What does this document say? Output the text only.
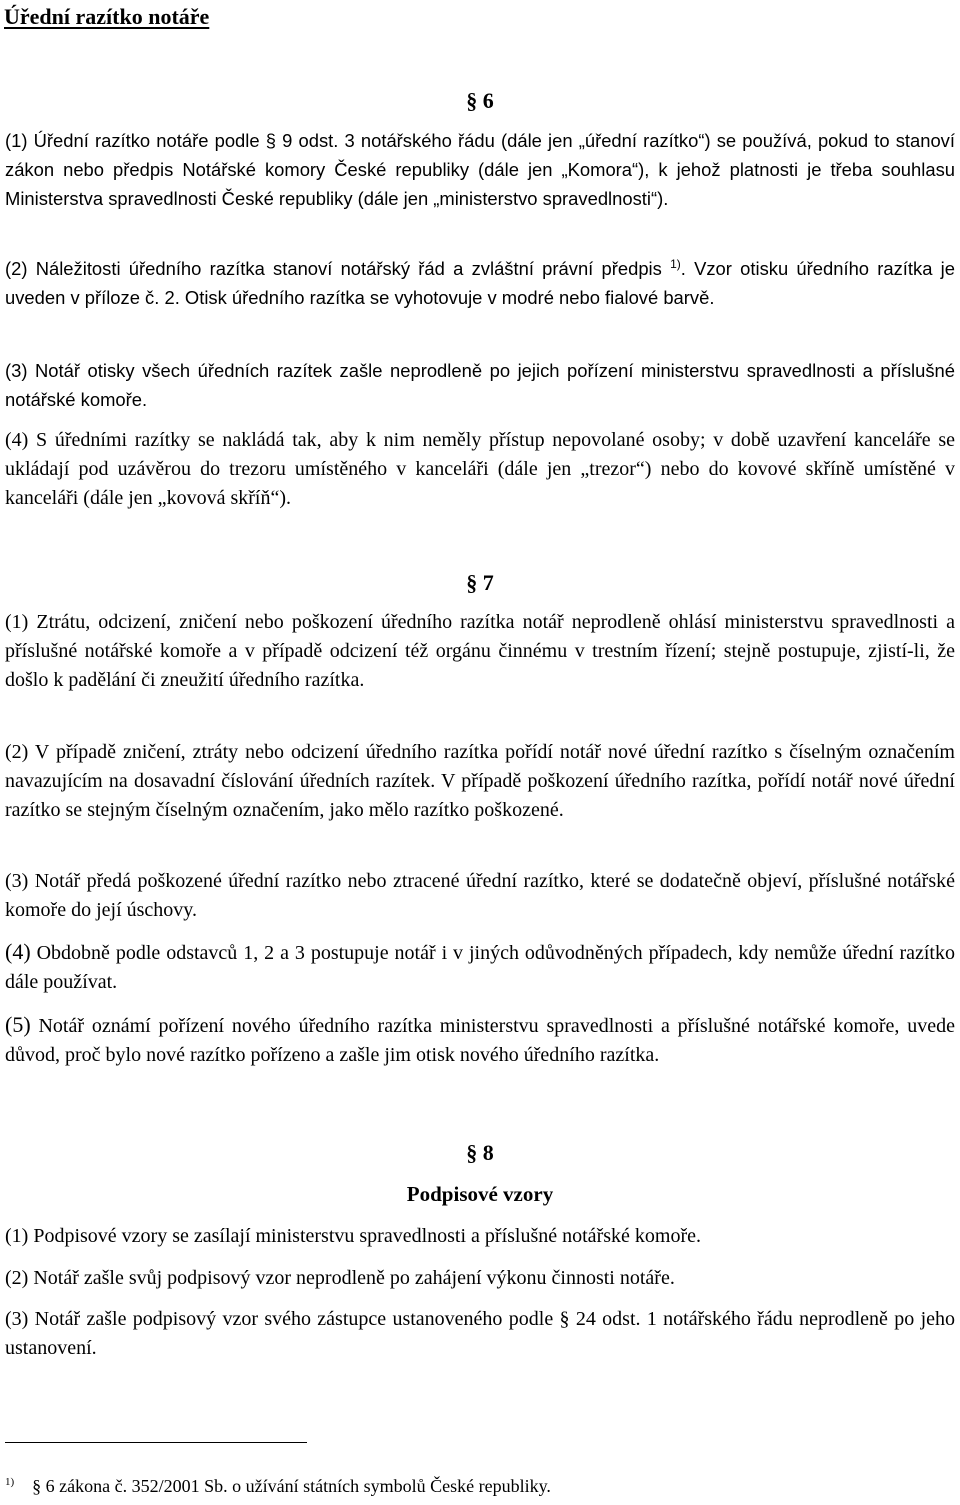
Úřední razítko notáře
§ 6
(1) Úřední razítko notáře podle § 9 odst. 3 notářského řádu (dále jen „úřední razítko“) se používá, pokud to stanoví zákon nebo předpis Notářské komory České republiky (dále jen „Komora“), k jehož platnosti je třeba souhlasu Ministerstva spravedlnosti České republiky (dále jen „ministerstvo spravedlnosti“).
(2) Náležitosti úředního razítka stanoví notářský řád a zvláštní právní předpis $^{1)}$. Vzor otisku úředního razítka je uveden v příloze č. 2. Otisk úředního razítka se vyhotovuje v modré nebo fialové barvě.
(3) Notář otisky všech úředních razítek zašle neprodleně po jejich pořízení ministerstvu spravedlnosti a příslušné notářské komoře.
(4) S úředními razítky se nakládá tak, aby k nim neměly přístup nepovolané osoby; v době uzavření kanceláře se ukládají pod uzávěrou do trezoru umístěného v kanceláři (dále jen „trezor“) nebo do kovové skříně umístěné v kanceláři (dále jen „kovová skříň“).
§ 7
(1) Ztrátu, odcizení, zničení nebo poškození úředního razítka notář neprodleně ohlásí ministerstvu spravedlnosti a příslušné notářské komoře a v případě odcizení též orgánu činnému v trestním řízení; stejně postupuje, zjistí-li, že došlo k padělání či zneužití úředního razítka.
(2) V případě zničení, ztráty nebo odcizení úředního razítka pořídí notář nové úřední razítko s číselným označením navazujícím na dosavadní číslování úředních razítek. V případě poškození úředního razítka, pořídí notář nové úřední razítko se stejným číselným označením, jako mělo razítko poškozené.
(3) Notář předá poškozené úřední razítko nebo ztracené úřední razítko, které se dodatečně objeví, příslušné notářské komoře do její úschovy.
(4) Obdobně podle odstavců 1, 2 a 3 postupuje notář i v jiných odůvodněných případech, kdy nemůže úřední razítko dále používat.
(5) Notář oznámí pořízení nového úředního razítka ministerstvu spravedlnosti a příslušné notářské komoře, uvede důvod, proč bylo nové razítko pořízeno a zašle jim otisk nového úředního razítka.
§ 8
Podpisové vzory
(1) Podpisové vzory se zasílají ministerstvu spravedlnosti a příslušné notářské komoře.
(2) Notář zašle svůj podpisový vzor neprodleně po zahájení výkonu činnosti notáře.
(3) Notář zašle podpisový vzor svého zástupce ustanoveného podle § 24 odst. 1 notářského řádu neprodleně po jeho ustanovení.
$^{1)}$ § 6 zákona č. 352/2001 Sb. o užívání státních symbolů České republiky.
